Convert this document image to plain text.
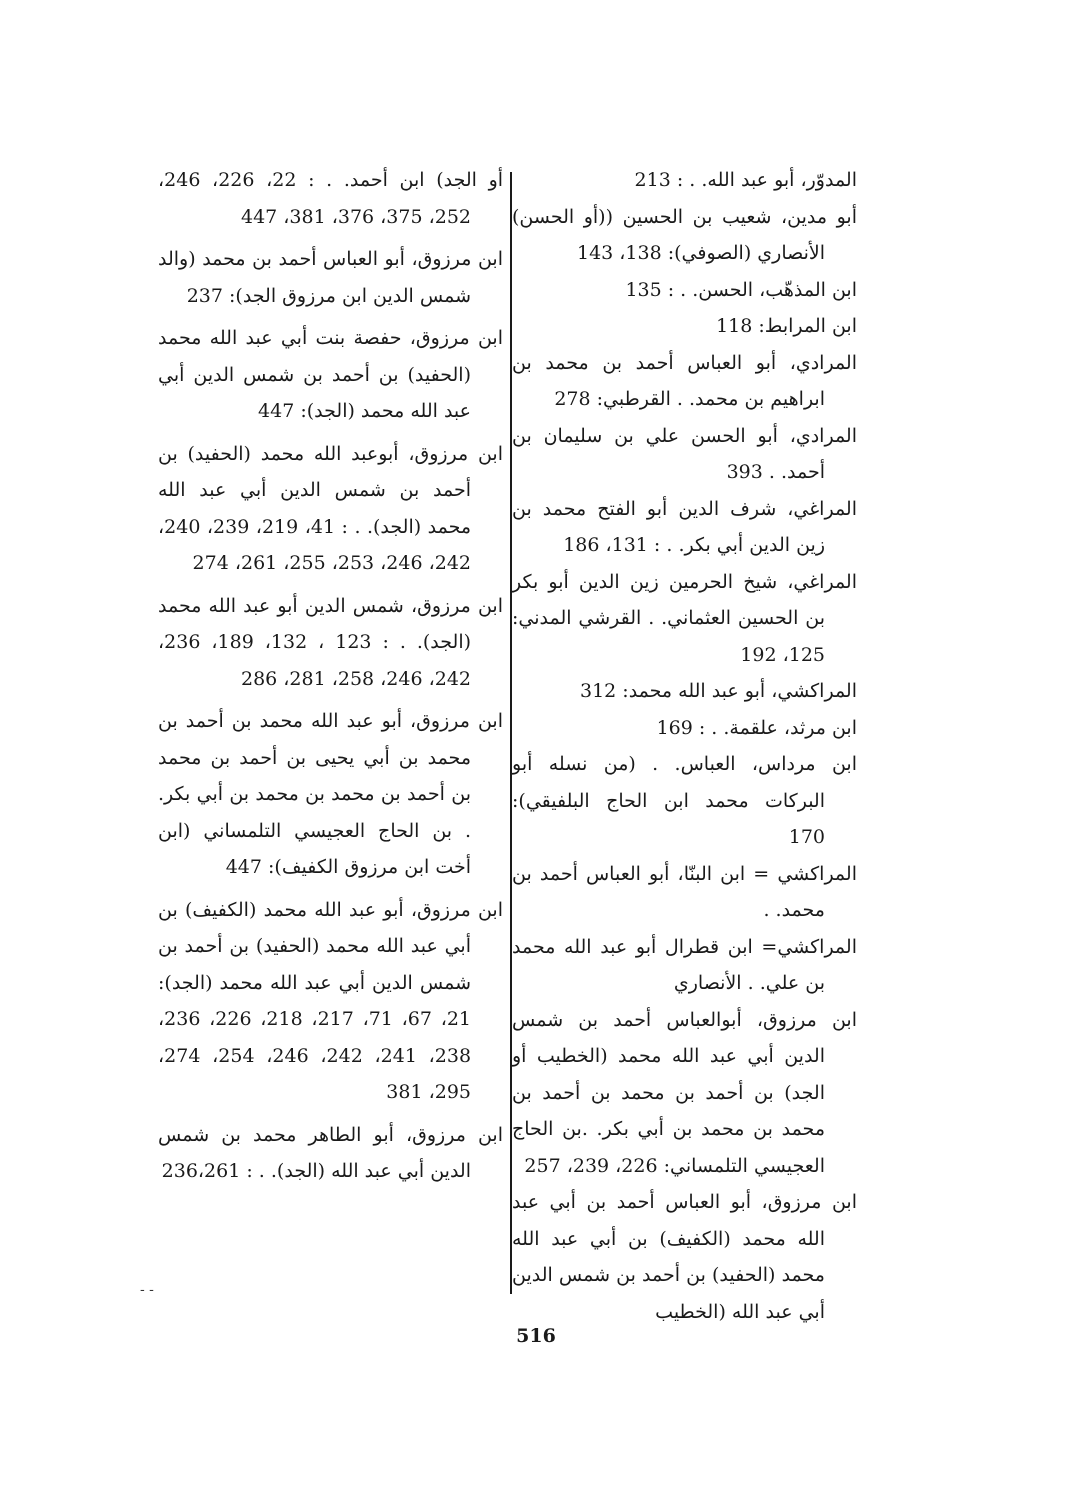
المدوّر، أبو عبد الله. . : 213

أبو مدين، شعيب بن الحسين ((أو الحسن) الأنصاري (الصوفي): 138، 143

ابن المذهّب، الحسن. . : 135

ابن المرابط: 118

المرادي، أبو العباس أحمد بن محمد بن ابراهيم بن محمد. . القرطبي: 278

المرادي، أبو الحسن علي بن سليمان بن أحمد. . 393

المراغي، شرف الدين أبو الفتح محمد بن زين الدين أبي بكر. . : 131، 186

المراغي، شيخ الحرمين زين الدين أبو بكر بن الحسين العثماني. . القرشي المدني: 125، 192

المراكشي، أبو عبد الله محمد: 312

ابن مرثد، علقمة. . : 169

ابن مرداس، العباس. . (من نسله أبو البركات محمد ابن الحاج البلفيقي): 170

المراكشي = ابن البنّا، أبو العباس أحمد بن محمد. .

المراكشي= ابن قطرال أبو عبد الله محمد بن علي. . الأنصاري

ابن مرزوق، أبوالعباس أحمد بن شمس الدين أبي عبد الله محمد (الخطيب أو الجد) بن أحمد بن محمد بن أحمد بن محمد بن محمد بن أبي بكر. .بن الحاج العجيسي التلمساني: 226، 239، 257

ابن مرزوق، أبو العباس أحمد بن أبي عبد الله محمد (الكفيف) بن أبي عبد الله محمد (الحفيد) بن أحمد بن شمس الدين أبي عبد الله (الخطيب

أو الجد) ابن أحمد. . : 22، 226، 246، 252، 375، 376، 381، 447

ابن مرزوق، أبو العباس أحمد بن محمد (والد شمس الدين ابن مرزوق الجد): 237

ابن مرزوق، حفصة بنت أبي عبد الله محمد (الحفيد) بن أحمد بن شمس الدين أبي عبد الله محمد (الجد): 447

ابن مرزوق، أبوعبد الله محمد (الحفيد) بن أحمد بن شمس الدين أبي عبد الله محمد (الجد). . : 41، 219، 239، 240، 242، 246، 253، 255، 261، 274

ابن مرزوق، شمس الدين أبو عبد الله محمد (الجد). . : 123 ، 132، 189، 236، 242، 246، 258، 281، 286

ابن مرزوق، أبو عبد الله محمد بن أحمد بن محمد بن أبي يحيى بن أحمد بن محمد بن أحمد بن محمد بن محمد بن أبي بكر. . بن الحاج العجيسي التلمساني (ابن أخت ابن مرزوق الكفيف): 447

ابن مرزوق، أبو عبد الله محمد (الكفيف) بن أبي عبد الله محمد (الحفيد) بن أحمد بن شمس الدين أبي عبد الله محمد (الجد): 21، 67، 71، 217، 218، 226، 236، 238، 241، 242، 246، 254، 274، 295، 381

ابن مرزوق، أبو الطاهر محمد بن شمس الدين أبي عبد الله (الجد). . : 236،261

516
- -
